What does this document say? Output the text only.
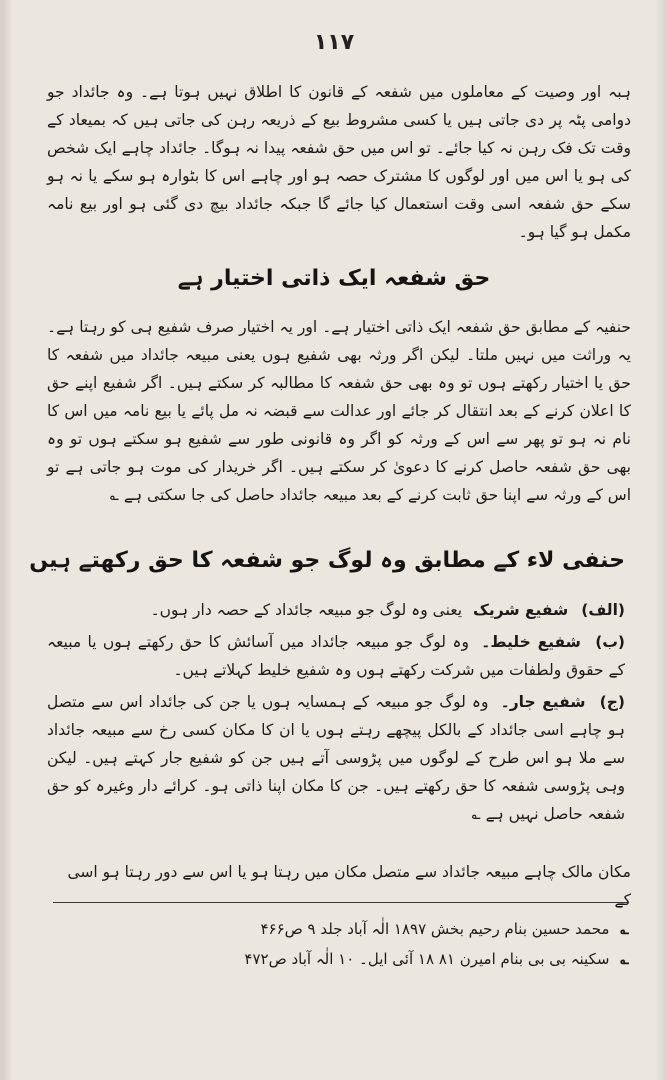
۱۱۷

ہبہ اور وصیت کے معاملوں میں شفعہ کے قانون کا اطلاق نہیں ہوتا ہے۔ وہ جائداد جو دوامی پٹہ پر دی جاتی ہیں یا کسی مشروط بیع کے ذریعہ رہن کی جاتی ہیں کہ بمیعاد کے وقت تک فک رہن نہ کیا جائے۔ تو اس میں حق شفعہ پیدا نہ ہوگا۔ جائداد چاہے ایک شخص کی ہو یا اس میں اور لوگوں کا مشترک حصہ ہو اور چاہے اس کا بٹوارہ ہو سکے یا نہ ہو سکے حق شفعہ اسی وقت استعمال کیا جائے گا جبکہ جائداد بیچ دی گئی ہو اور بیع نامہ مکمل ہو گیا ہو۔

حق شفعہ ایک ذاتی اختیار ہے

حنفیہ کے مطابق حق شفعہ ایک ذاتی اختیار ہے۔ اور یہ اختیار صرف شفیع ہی کو رہتا ہے۔ یہ وراثت میں نہیں ملتا۔ لیکن اگر ورثہ بھی شفیع ہوں یعنی مبیعہ جائداد میں شفعہ کا حق یا اختیار رکھتے ہوں تو وہ بھی حق شفعہ کا مطالبہ کر سکتے ہیں۔ اگر شفیع اپنے حق کا اعلان کرنے کے بعد انتقال کر جائے اور عدالت سے قبضہ نہ مل پائے یا بیع نامہ میں اس کا نام نہ ہو تو پھر سے اس کے ورثہ کو اگر وہ قانونی طور سے شفیع ہو سکتے ہوں تو وہ بھی حق شفعہ حاصل کرنے کا دعویٰ کر سکتے ہیں۔ اگر خریدار کی موت ہو جاتی ہے تو اس کے ورثہ سے اپنا حق ثابت کرنے کے بعد مبیعہ جائداد حاصل کی جا سکتی ہے ؎

حنفی لاء کے مطابق وہ لوگ جو شفعہ کا حق رکھتے ہیں

(الف) شفیع شریک یعنی وہ لوگ جو مبیعہ جائداد کے حصہ دار ہوں۔

(ب) شفیع خلیط۔ وہ لوگ جو مبیعہ جائداد میں آسائش کا حق رکھتے ہوں یا مبیعہ کے حقوق ولطفات میں شرکت رکھتے ہوں وہ شفیع خلیط کہلاتے ہیں۔

(ج) شفیع جار۔ وہ لوگ جو مبیعہ کے ہمسایہ ہوں یا جن کی جائداد اس سے متصل ہو چاہے اسی جائداد کے بالکل پیچھے رہتے ہوں یا ان کا مکان کسی رخ سے مبیعہ جائداد سے ملا ہو اس طرح کے لوگوں میں پڑوسی آتے ہیں جن کو شفیع جار کہتے ہیں۔ لیکن وہی پڑوسی شفعہ کا حق رکھتے ہیں۔ جن کا مکان اپنا ذاتی ہو۔ کرائے دار وغیرہ کو حق شفعہ حاصل نہیں ہے ؎

مکان مالک چاہے مبیعہ جائداد سے متصل مکان میں رہتا ہو یا اس سے دور رہتا ہو اسی کے

؎ محمد حسین بنام رحیم بخش ۱۸۹۷ الٰہ آباد جلد ۹ ص۴۶۶
؎ سکینہ بی بی بنام امیرن ۸۱ ۱۸ آئی ایل۔ ۱۰ الٰہ آباد ص۴۷۲
